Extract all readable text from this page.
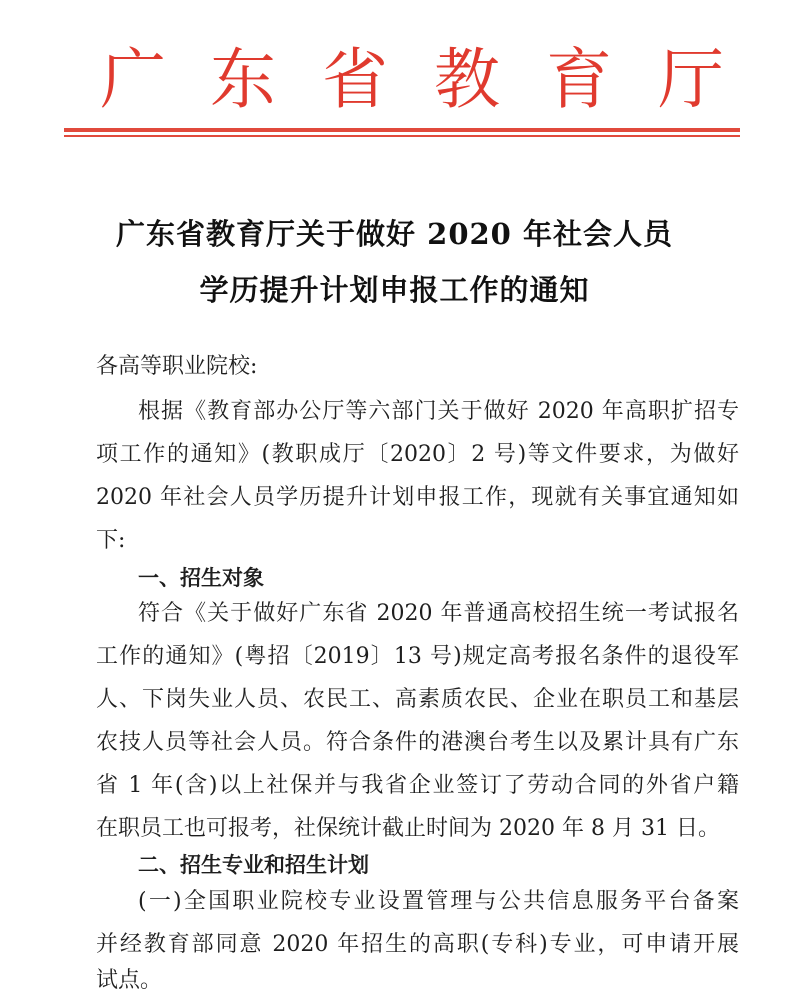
广 东 省 教 育 厅
广东省教育厅关于做好 2020 年社会人员
学历提升计划申报工作的通知
各高等职业院校:
根据《教育部办公厅等六部门关于做好 2020 年高职扩招专
项工作的通知》(教职成厅〔2020〕2 号)等文件要求，为做好
2020 年社会人员学历提升计划申报工作，现就有关事宜通知如
下:
一、招生对象
符合《关于做好广东省 2020 年普通高校招生统一考试报名
工作的通知》(粤招〔2019〕13 号)规定高考报名条件的退役军
人、下岗失业人员、农民工、高素质农民、企业在职员工和基层
农技人员等社会人员。符合条件的港澳台考生以及累计具有广东
省 1 年(含)以上社保并与我省企业签订了劳动合同的外省户籍
在职员工也可报考，社保统计截止时间为 2020 年 8 月 31 日。
二、招生专业和招生计划
(一)全国职业院校专业设置管理与公共信息服务平台备案
并经教育部同意 2020 年招生的高职(专科)专业，可申请开展
试点。
